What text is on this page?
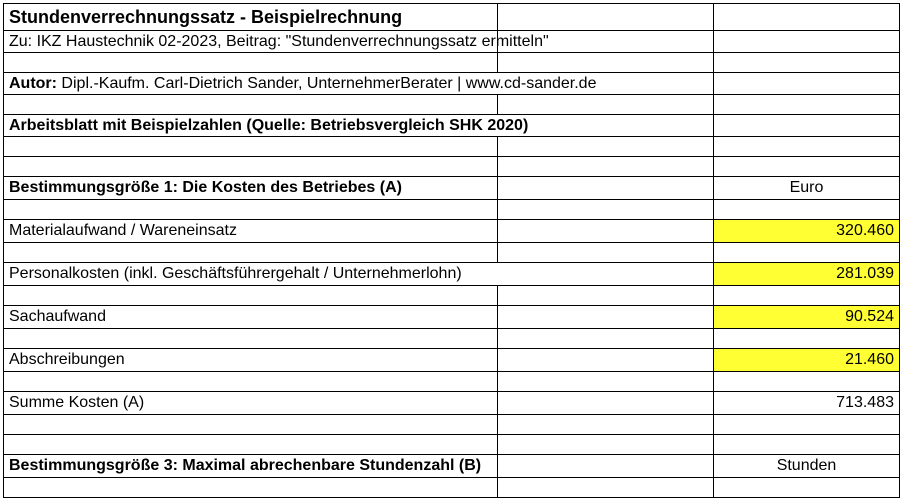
Stundenverrechnungssatz - Beispielrechnung		
Zu: IKZ Haustechnik 02-2023, Beitrag: "Stundenverrechnungssatz ermitteln"		

Autor: Dipl.-Kaufm. Carl-Dietrich Sander, UnternehmerBerater | www.cd-sander.de		

Arbeitsblatt mit Beispielzahlen (Quelle: Betriebsvergleich SHK 2020)		

Bestimmungsgröße 1: Die Kosten des Betriebes (A)		Euro

Materialaufwand / Wareneinsatz		320.460

Personalkosten (inkl. Geschäftsführergehalt / Unternehmerlohn)		281.039

Sachaufwand		90.524

Abschreibungen		21.460

Summe Kosten (A)		713.483

Bestimmungsgröße 3: Maximal abrechenbare Stundenzahl (B)		Stunden
